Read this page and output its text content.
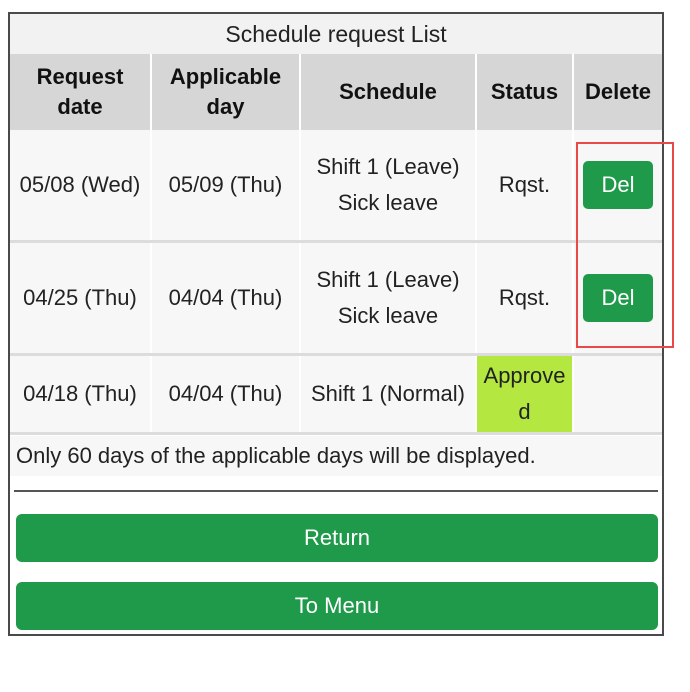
Schedule request List
Request date	Applicable day	Schedule	Status	Delete
05/08 (Wed)	05/09 (Thu)	Shift 1 (Leave) Sick leave	Rqst.	Del
04/25 (Thu)	04/04 (Thu)	Shift 1 (Leave) Sick leave	Rqst.	Del
04/18 (Thu)	04/04 (Thu)	Shift 1 (Normal)	Approved	
Only 60 days of the applicable days will be displayed.
Return
To Menu
